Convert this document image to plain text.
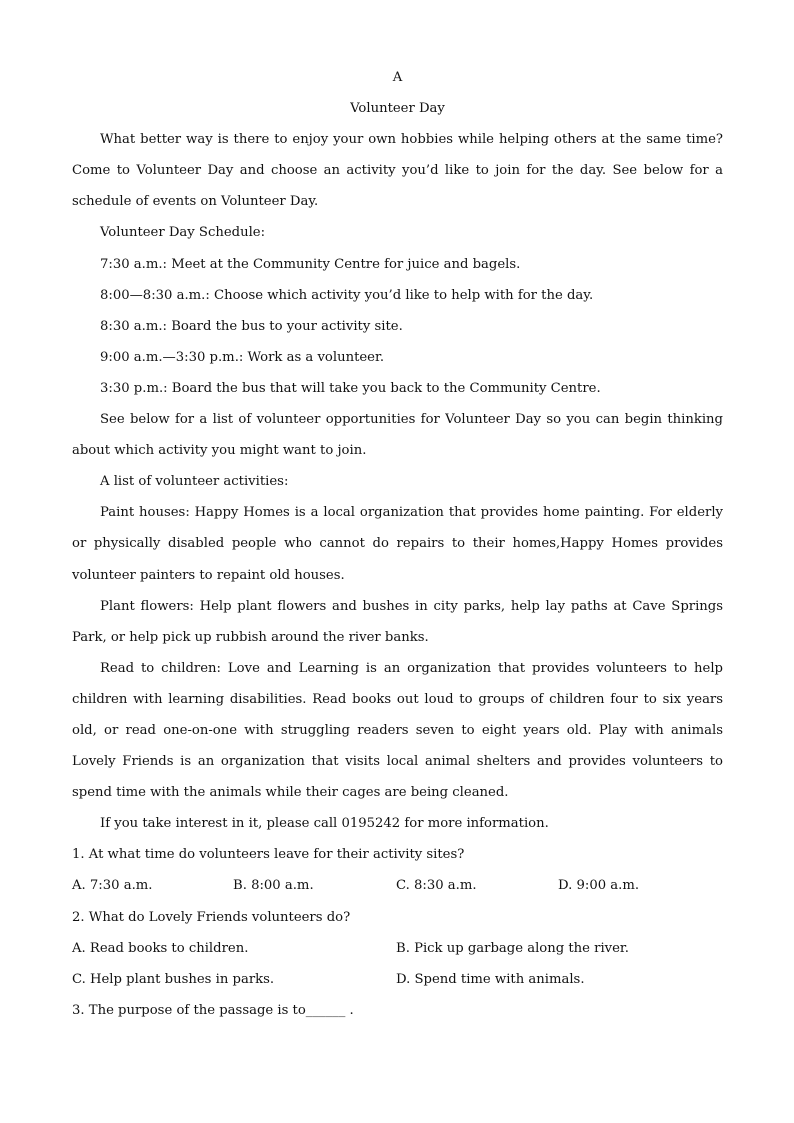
A
Volunteer Day

What better way is there to enjoy your own hobbies while helping others at the same time?Come to Volunteer Day and choose an activity you’d like to join for the day. See below for a schedule of events on Volunteer Day.

Volunteer Day Schedule:
7:30 a.m.: Meet at the Community Centre for juice and bagels.
8:00—8:30 a.m.: Choose which activity you’d like to help with for the day.
8:30 a.m.: Board the bus to your activity site.
9:00 a.m.—3:30 p.m.: Work as a volunteer.
3:30 p.m.: Board the bus that will take you back to the Community Centre.

See below for a list of volunteer opportunities for Volunteer Day so you can begin thinking about which activity you might want to join.

A list of volunteer activities:

Paint houses: Happy Homes is a local organization that provides home painting. For elderly or physically disabled people who cannot do repairs to their homes,Happy Homes provides volunteer painters to repaint old houses.

Plant flowers: Help plant flowers and bushes in city parks, help lay paths at Cave Springs Park, or help pick up rubbish around the river banks.

Read to children: Love and Learning is an organization that provides volunteers to help children with learning disabilities. Read books out loud to groups of children four to six years old, or read one-on-one with struggling readers seven to eight years old. Play with animals Lovely Friends is an organization that visits local animal shelters and provides volunteers to spend time with the animals while their cages are being cleaned.

If you take interest in it, please call 0195242 for more information.
1. At what time do volunteers leave for their activity sites?
A. 7:30 a.m.	B. 8:00 a.m.	C. 8:30 a.m.	D. 9:00 a.m.
2. What do Lovely Friends volunteers do?
A. Read books to children.	B. Pick up garbage along the river.
C. Help plant bushes in parks.	D. Spend time with animals.
3. The purpose of the passage is to______ .
